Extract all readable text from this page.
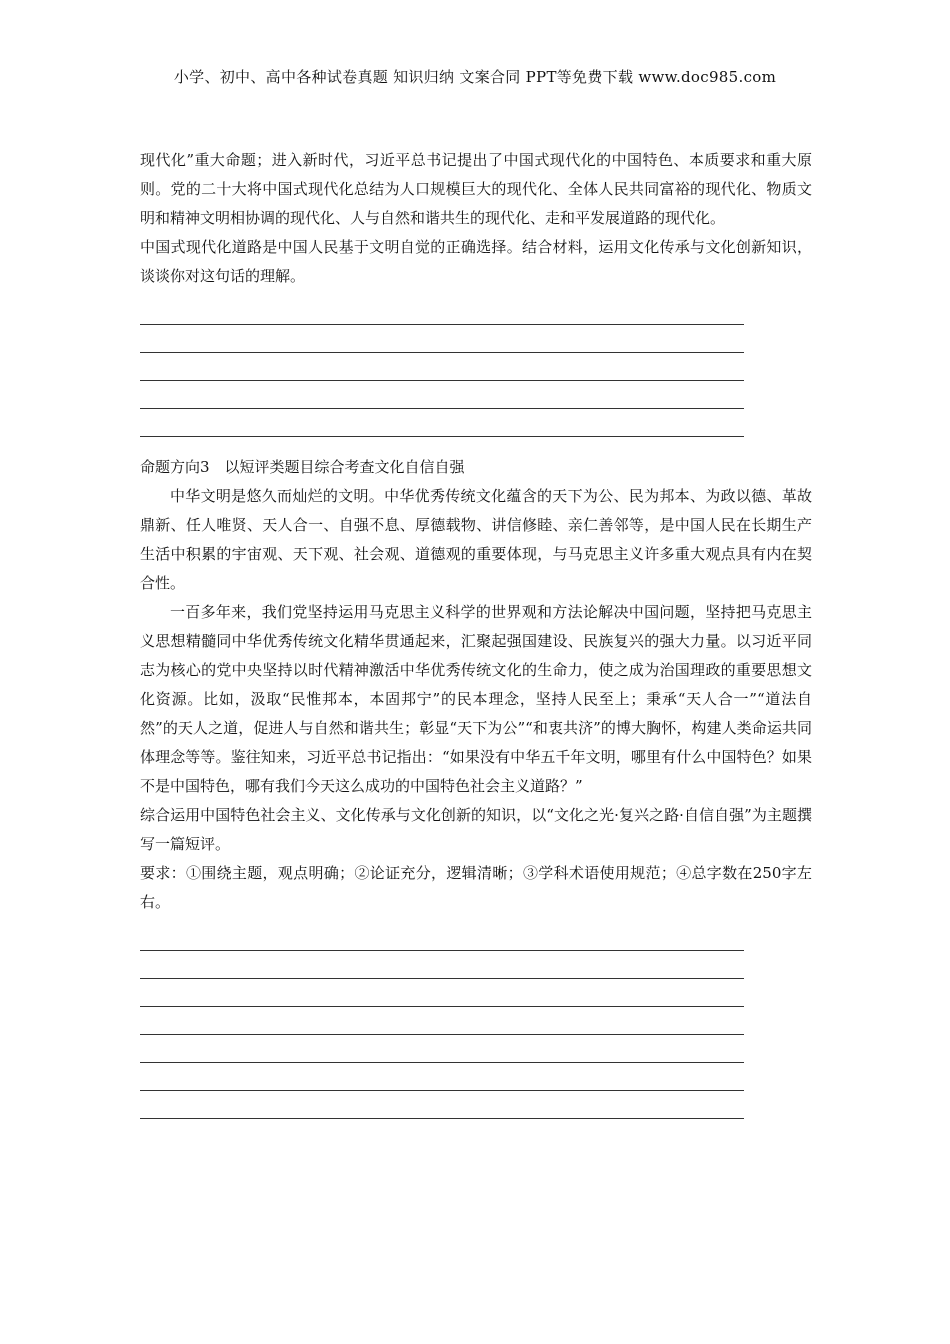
小学、初中、高中各种试卷真题 知识归纳 文案合同 PPT等免费下载 www.doc985.com

现代化”重大命题；进入新时代，习近平总书记提出了中国式现代化的中国特色、本质要求和重大原则。党的二十大将中国式现代化总结为人口规模巨大的现代化、全体人民共同富裕的现代化、物质文明和精神文明相协调的现代化、人与自然和谐共生的现代化、走和平发展道路的现代化。

中国式现代化道路是中国人民基于文明自觉的正确选择。结合材料，运用文化传承与文化创新知识，谈谈你对这句话的理解。

命题方向3　以短评类题目综合考查文化自信自强

中华文明是悠久而灿烂的文明。中华优秀传统文化蕴含的天下为公、民为邦本、为政以德、革故鼎新、任人唯贤、天人合一、自强不息、厚德载物、讲信修睦、亲仁善邻等，是中国人民在长期生产生活中积累的宇宙观、天下观、社会观、道德观的重要体现，与马克思主义许多重大观点具有内在契合性。

一百多年来，我们党坚持运用马克思主义科学的世界观和方法论解决中国问题，坚持把马克思主义思想精髓同中华优秀传统文化精华贯通起来，汇聚起强国建设、民族复兴的强大力量。以习近平同志为核心的党中央坚持以时代精神激活中华优秀传统文化的生命力，使之成为治国理政的重要思想文化资源。比如，汲取“民惟邦本，本固邦宁”的民本理念，坚持人民至上；秉承“天人合一”“道法自然”的天人之道，促进人与自然和谐共生；彰显“天下为公”“和衷共济”的博大胸怀，构建人类命运共同体理念等等。鉴往知来，习近平总书记指出：“如果没有中华五千年文明，哪里有什么中国特色？如果不是中国特色，哪有我们今天这么成功的中国特色社会主义道路？”

综合运用中国特色社会主义、文化传承与文化创新的知识，以“文化之光·复兴之路·自信自强”为主题撰写一篇短评。

要求：①围绕主题，观点明确；②论证充分，逻辑清晰；③学科术语使用规范；④总字数在250字左右。
